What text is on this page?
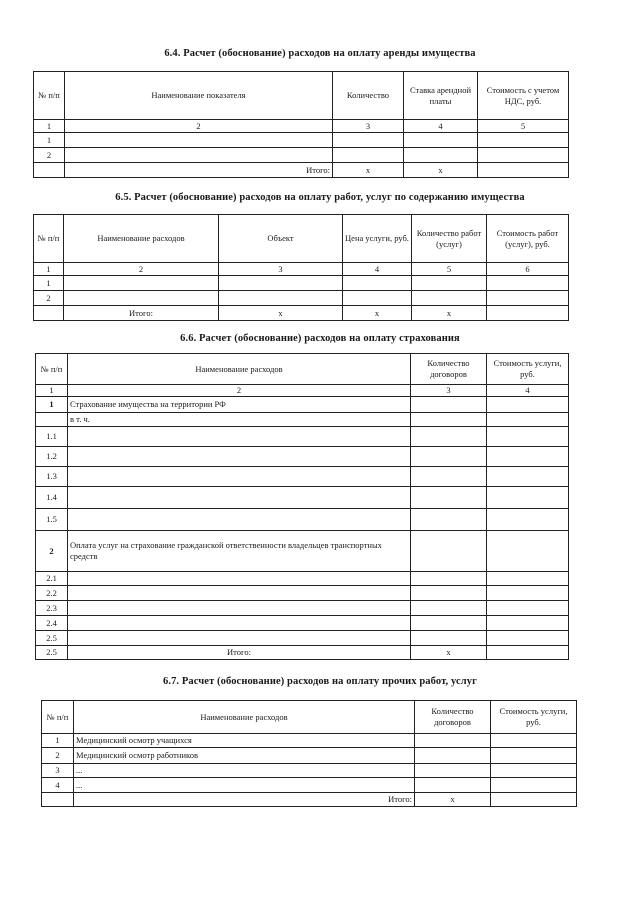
6.4. Расчет (обоснование) расходов на оплату аренды имущества
№ п/п	Наименование показателя	Количество	Ставка арендной платы	Стоимость с учетом НДС, руб.
1	2	3	4	5
1				
2				
	Итого:	x	x	
6.5. Расчет (обоснование) расходов на оплату работ, услуг по содержанию имущества
№ п/п	Наименование расходов	Объект	Цена услуги, руб.	Количество работ (услуг)	Стоимость работ (услуг), руб.
1	2	3	4	5	6
1					
2					
	Итого:	x	x	x	
6.6. Расчет (обоснование) расходов на оплату страхования
№ п/п	Наименование расходов	Количество договоров	Стоимость услуги, руб.
1	2	3	4
1	Страхование имущества на территории РФ		
	в т. ч.		
1.1			
1.2			
1.3			
1.4			
1.5			
2	Оплата услуг на страхование гражданской ответственности владельцев транспортных средств		
2.1			
2.2			
2.3			
2.4			
2.5			
2.5	Итого:	x	
6.7. Расчет (обоснование) расходов на оплату прочих работ, услуг
№ п/п	Наименование расходов	Количество договоров	Стоимость услуги, руб.
1	Медицинский осмотр учащихся		
2	Медицинский осмотр работников		
3	...		
4	...		
	Итого:	x	
